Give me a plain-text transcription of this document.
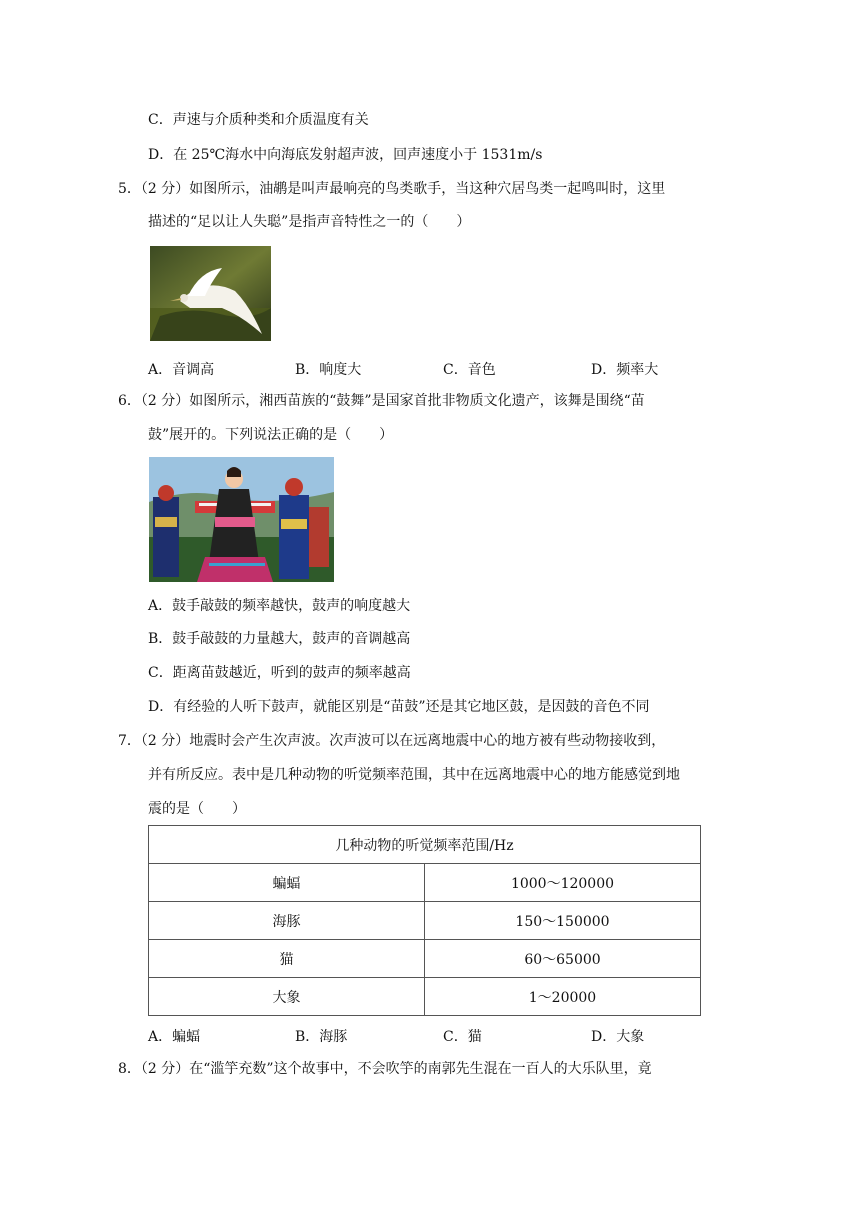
C．声速与介质种类和介质温度有关
D．在 25℃海水中向海底发射超声波，回声速度小于 1531m/s
5．（2 分）如图所示，油鹕是叫声最响亮的鸟类歌手，当这种穴居鸟类一起鸣叫时，这里
描述的“足以让人失聪”是指声音特性之一的（　　）
A．音调高	B．响度大	C．音色	D．频率大
6．（2 分）如图所示，湘西苗族的“鼓舞”是国家首批非物质文化遗产，该舞是围绕“苗
鼓”展开的。下列说法正确的是（　　）
A．鼓手敲鼓的频率越快，鼓声的响度越大
B．鼓手敲鼓的力量越大，鼓声的音调越高
C．距离苗鼓越近，听到的鼓声的频率越高
D．有经验的人听下鼓声，就能区别是“苗鼓”还是其它地区鼓，是因鼓的音色不同
7．（2 分）地震时会产生次声波。次声波可以在远离地震中心的地方被有些动物接收到，
并有所反应。表中是几种动物的听觉频率范围，其中在远离地震中心的地方能感觉到地
震的是（　　）
几种动物的听觉频率范围/Hz	
蝙蝠	1000～120000
海豚	150～150000
猫	60～65000
大象	1～20000
A．蝙蝠	B．海豚	C．猫	D．大象
8．（2 分）在“滥竽充数”这个故事中，不会吹竽的南郭先生混在一百人的大乐队里，竟
